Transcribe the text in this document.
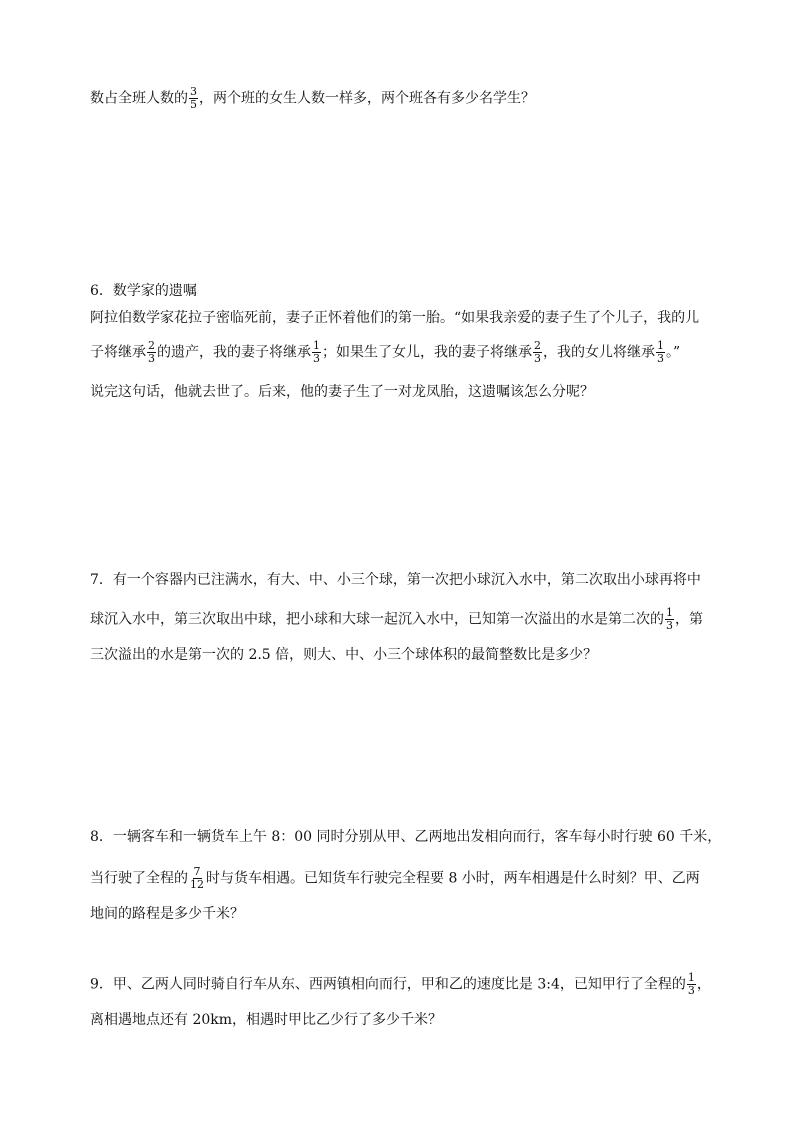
数占全班人数的 $\frac{3}{5}$ ，两个班的女生人数一样多，两个班各有多少名学生？
6．数学家的遗嘱
阿拉伯数学家花拉子密临死前，妻子正怀着他们的第一胎。“如果我亲爱的妻子生了个儿子，我的儿
子将继承 $\frac{2}{3}$ 的遗产，我的妻子将继承 $\frac{1}{3}$ ；如果生了女儿，我的妻子将继承 $\frac{2}{3}$ ，我的女儿将继承 $\frac{1}{3}$ 。”
说完这句话，他就去世了。后来，他的妻子生了一对龙凤胎，这遗嘱该怎么分呢？
7．有一个容器内已注满水，有大、中、小三个球，第一次把小球沉入水中，第二次取出小球再将中
球沉入水中，第三次取出中球，把小球和大球一起沉入水中，已知第一次溢出的水是第二次的 $\frac{1}{3}$ ，第
三次溢出的水是第一次的 2.5 倍，则大、中、小三个球体积的最简整数比是多少？
8．一辆客车和一辆货车上午 8：00 同时分别从甲、乙两地出发相向而行，客车每小时行驶 60 千米，
当行驶了全程的 $\frac{7}{12}$ 时与货车相遇。已知货车行驶完全程要 8 小时，两车相遇是什么时刻？甲、乙两
地间的路程是多少千米？
9．甲、乙两人同时骑自行车从东、西两镇相向而行，甲和乙的速度比是 3:4，已知甲行了全程的 $\frac{1}{3}$ ，
离相遇地点还有 20km，相遇时甲比乙少行了多少千米？
